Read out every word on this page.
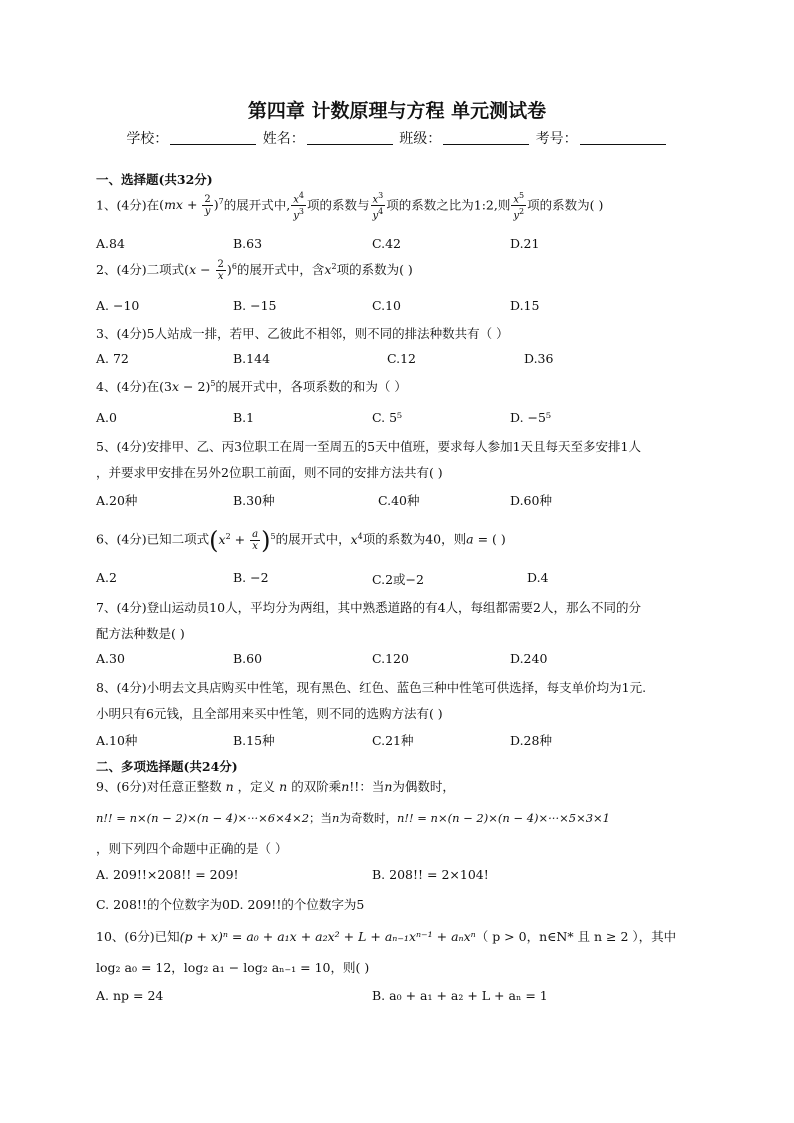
第四章 计数原理与方程 单元测试卷
学校：	姓名：	班级：	考号：
一、选择题(共32分)
1、(4分)在$(mx + \frac{2}{y} )^7$的展开式中, $\frac{x^4}{y^3}$ 项的系数与 $\frac{x^3}{y^4}$ 项的系数之比为1:2,则 $\frac{x^5}{y^2}$ 项的系数为( )
A.84	B.63	C.42	D.21
2、(4分)二项式$(x - \frac{2}{x} )^6$的展开式中，含$x^2$项的系数为( )
A. −10	B. −15	C.10	D.15
3、(4分)5人站成一排，若甲、乙彼此不相邻，则不同的排法种数共有（ ）
A. 72	B.144	C.12	D.36
4、(4分)在$(3x - 2)^5$的展开式中，各项系数的和为（ ）
A.0	B.1	C. 5⁵	D. −5⁵
5、(4分)安排甲、乙、丙3位职工在周一至周五的5天中值班，要求每人参加1天且每天至多安排1人
，并要求甲安排在另外2位职工前面，则不同的安排方法共有( )
A.20种	B.30种	C.40种	D.60种
6、(4分)已知二项式$(x^2 + \frac{a}{x} )^5$的展开式中，$x^4$项的系数为40，则a = ( )
A.2	B. −2	C.2或−2	D.4
7、(4分)登山运动员10人，平均分为两组，其中熟悉道路的有4人，每组都需要2人，那么不同的分
配方法种数是( )
A.30	B.60	C.120	D.240
8、(4分)小明去文具店购买中性笔，现有黑色、红色、蓝色三种中性笔可供选择，每支单价均为1元.
小明只有6元钱，且全部用来买中性笔，则不同的选购方法有( )
A.10种	B.15种	C.21种	D.28种
二、多项选择题(共24分)
9、(6分)对任意正整数 n ，定义 n 的双阶乘n!!：当n为偶数时，
n!! = n×(n − 2)×(n − 4)×···×6×4×2；当n为奇数时，n!! = n×(n − 2)×(n − 4)×···×5×3×1
，则下列四个命题中正确的是（ ）
A. 209!!×208!! = 209!	B. 208!! = 2×104!
C. 208!!的个位数字为0D. 209!!的个位数字为5
10、(6分)已知(p + x)ⁿ = a₀ + a₁x + a₂x² + L + aₙ₋₁xⁿ⁻¹ + aₙxⁿ（ p > 0，n∈N* 且 n ≥ 2 ），其中
log₂ a₀ = 12，log₂ a₁ − log₂ aₙ₋₁ = 10，则( )
A. np = 24	B. a₀ + a₁ + a₂ + L + aₙ = 1
